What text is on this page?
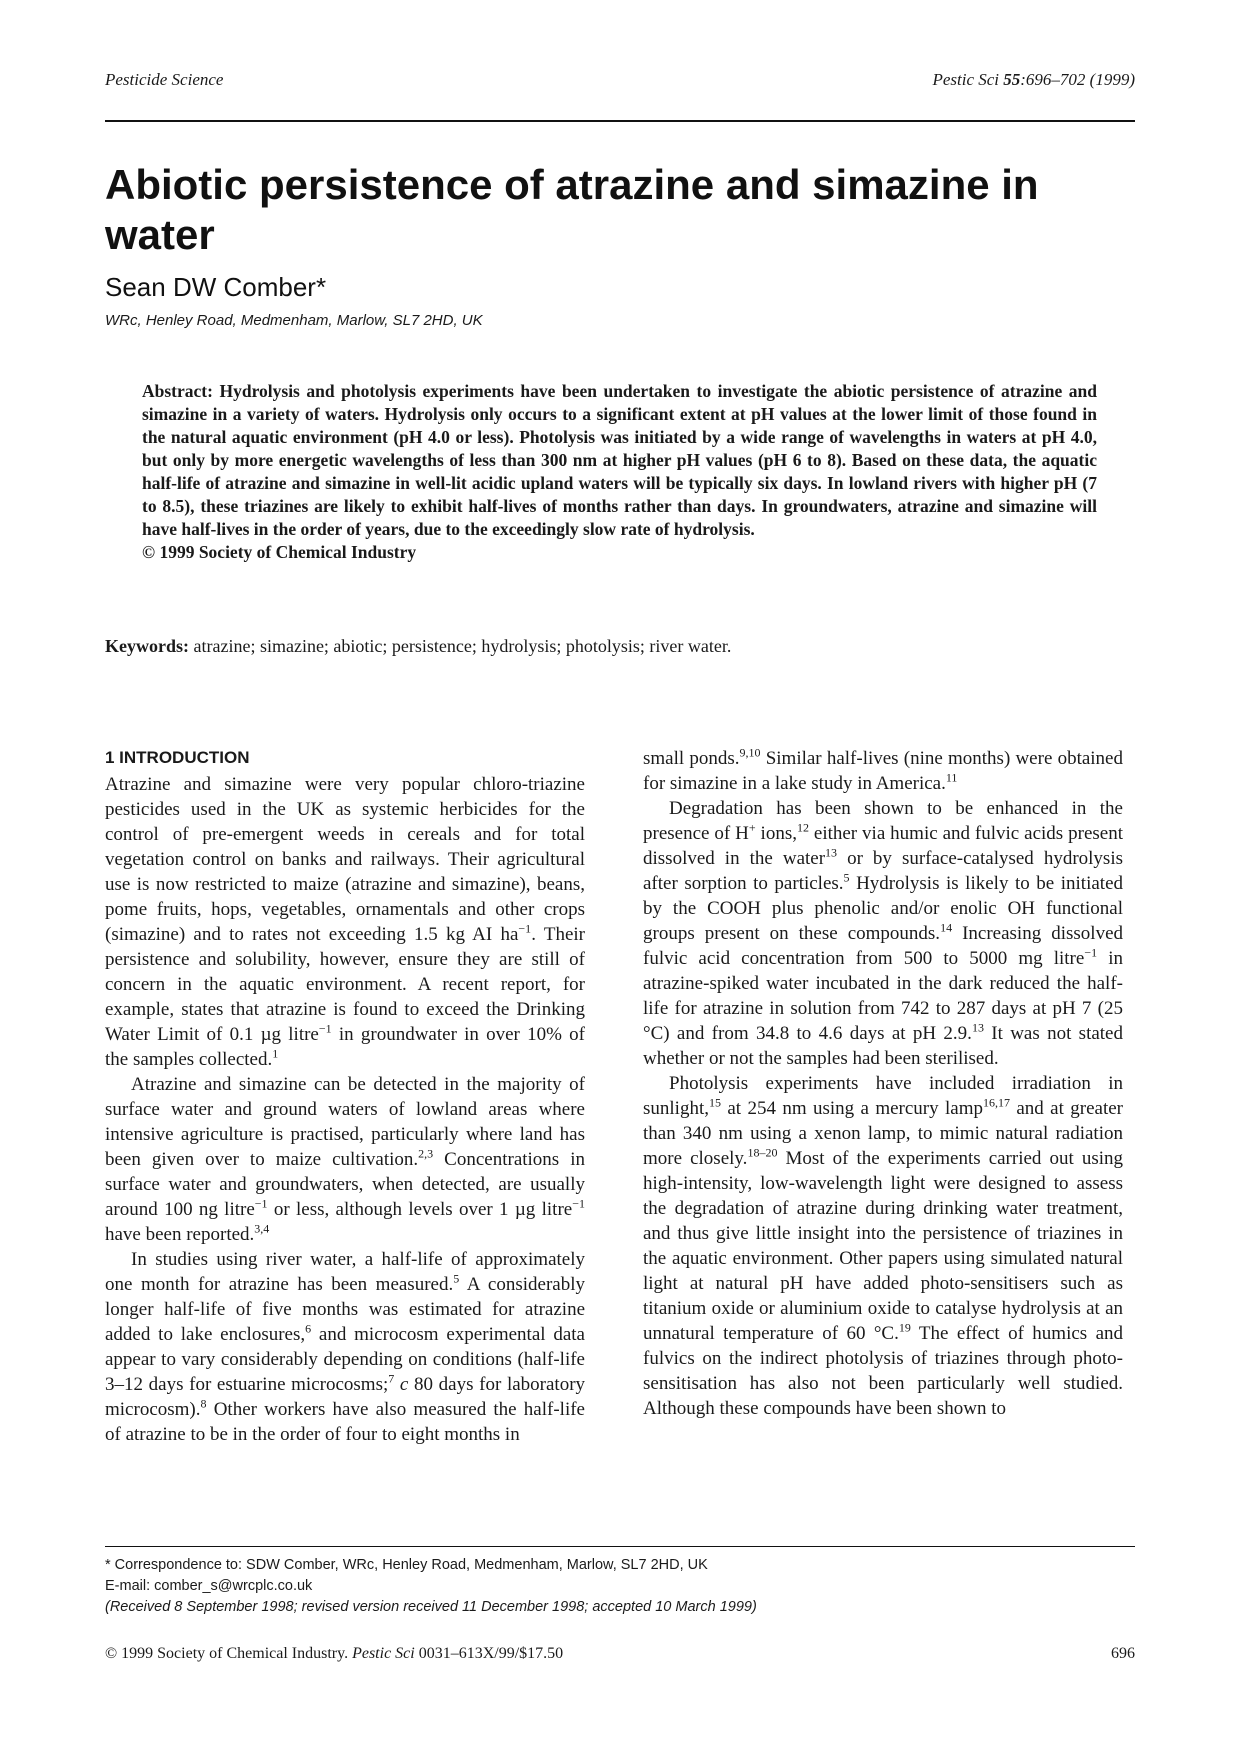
Pesticide Science	Pestic Sci 55:696–702 (1999)
Abiotic persistence of atrazine and simazine in water
Sean DW Comber*
WRc, Henley Road, Medmenham, Marlow, SL7 2HD, UK

Abstract: Hydrolysis and photolysis experiments have been undertaken to investigate the abiotic persistence of atrazine and simazine in a variety of waters. Hydrolysis only occurs to a significant extent at pH values at the lower limit of those found in the natural aquatic environment (pH 4.0 or less). Photolysis was initiated by a wide range of wavelengths in waters at pH 4.0, but only by more energetic wavelengths of less than 300 nm at higher pH values (pH 6 to 8). Based on these data, the aquatic half-life of atrazine and simazine in well-lit acidic upland waters will be typically six days. In lowland rivers with higher pH (7 to 8.5), these triazines are likely to exhibit half-lives of months rather than days. In groundwaters, atrazine and simazine will have half-lives in the order of years, due to the exceedingly slow rate of hydrolysis.

© 1999 Society of Chemical Industry

Keywords: atrazine; simazine; abiotic; persistence; hydrolysis; photolysis; river water.
1 INTRODUCTION

Atrazine and simazine were very popular chloro-triazine pesticides used in the UK as systemic herbicides for the control of pre-emergent weeds in cereals and for total vegetation control on banks and railways. Their agricultural use is now restricted to maize (atrazine and simazine), beans, pome fruits, hops, vegetables, ornamentals and other crops (simazine) and to rates not exceeding 1.5 kg AI $ha^{-1}$. Their persistence and solubility, however, ensure they are still of concern in the aquatic environment. A recent report, for example, states that atrazine is found to exceed the Drinking Water Limit of 0.1 µg litre$^{-1}$ in groundwater in over 10% of the samples collected.$^1$

Atrazine and simazine can be detected in the majority of surface water and ground waters of lowland areas where intensive agriculture is practised, particularly where land has been given over to maize cultivation.$^{2,3}$ Concentrations in surface water and groundwaters, when detected, are usually around 100 ng litre$^{-1}$ or less, although levels over 1 µg litre$^{-1}$ have been reported.$^{3,4}$

In studies using river water, a half-life of approximately one month for atrazine has been measured.$^5$ A considerably longer half-life of five months was estimated for atrazine added to lake enclosures,$^6$ and microcosm experimental data appear to vary considerably depending on conditions (half-life 3–12 days for estuarine microcosms;$^7$ c 80 days for laboratory microcosm).$^8$ Other workers have also measured the half-life of atrazine to be in the order of four to eight months in

small ponds.$^{9,10}$ Similar half-lives (nine months) were obtained for simazine in a lake study in America.$^{11}$

Degradation has been shown to be enhanced in the presence of H+ ions,$^{12}$ either via humic and fulvic acids present dissolved in the water$^{13}$ or by surface-catalysed hydrolysis after sorption to particles.$^5$ Hydrolysis is likely to be initiated by the COOH plus phenolic and/or enolic OH functional groups present on these compounds.$^{14}$ Increasing dissolved fulvic acid concentration from 500 to 5000 mg litre$^{-1}$ in atrazine-spiked water incubated in the dark reduced the half-life for atrazine in solution from 742 to 287 days at pH 7 (25 °C) and from 34.8 to 4.6 days at pH 2.9.13 It was not stated whether or not the samples had been sterilised.

Photolysis experiments have included irradiation in sunlight,$^{15}$ at 254 nm using a mercury lamp$^{16,17}$ and at greater than 340 nm using a xenon lamp, to mimic natural radiation more closely.$^{18-20}$ Most of the experiments carried out using high-intensity, low-wavelength light were designed to assess the degradation of atrazine during drinking water treatment, and thus give little insight into the persistence of triazines in the aquatic environment. Other papers using simulated natural light at natural pH have added photo-sensitisers such as titanium oxide or aluminium oxide to catalyse hydrolysis at an unnatural temperature of 60 °C.$^{19}$ The effect of humics and fulvics on the indirect photolysis of triazines through photo-sensitisation has also not been particularly well studied. Although these compounds have been shown to

* Correspondence to: SDW Comber, WRc, Henley Road, Medmenham, Marlow, SL7 2HD, UK
E-mail: comber_s@wrcplc.co.uk
(Received 8 September 1998; revised version received 11 December 1998; accepted 10 March 1999)
© 1999 Society of Chemical Industry. Pestic Sci 0031–613X/99/$17.50	696
